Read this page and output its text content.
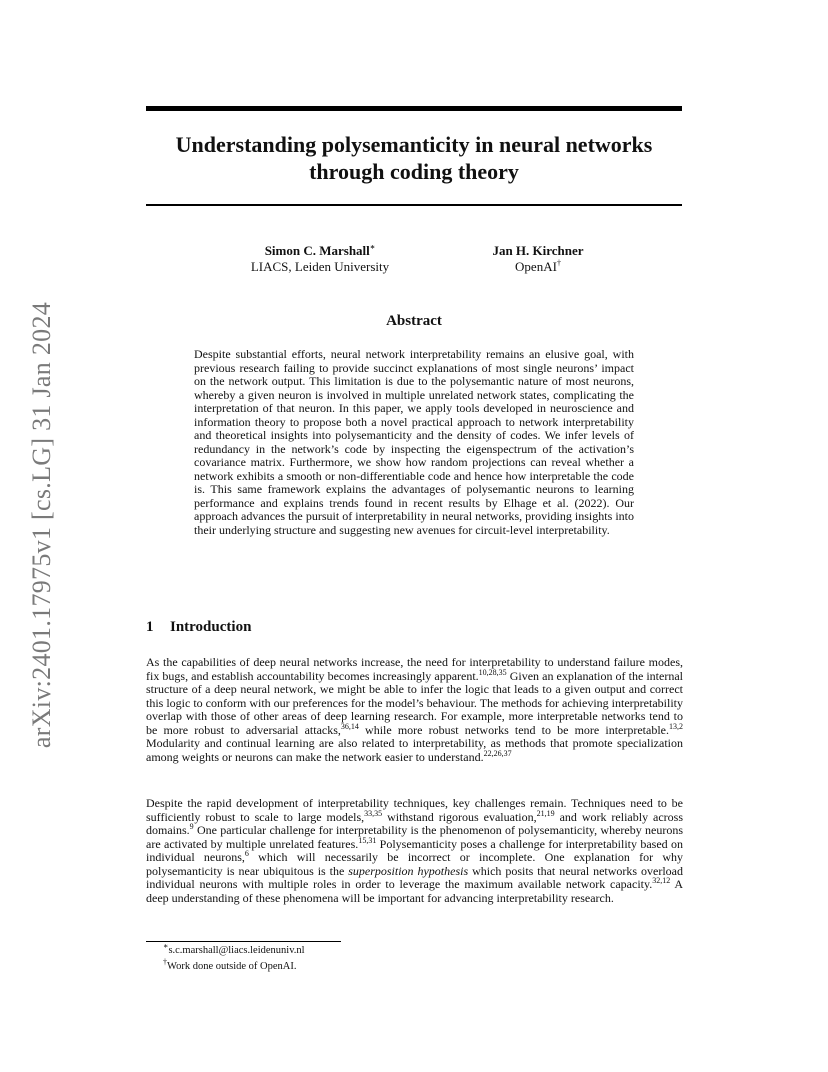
arXiv:2401.17975v1 [cs.LG] 31 Jan 2024
Understanding polysemanticity in neural networks
through coding theory
Simon C. Marshall∗
LIACS, Leiden University
Jan H. Kirchner
OpenAI†
Abstract
Despite substantial efforts, neural network interpretability remains an elusive goal, with previous research failing to provide succinct explanations of most single neurons’ impact on the network output. This limitation is due to the polysemantic nature of most neurons, whereby a given neuron is involved in multiple unrelated network states, complicating the interpretation of that neuron. In this paper, we apply tools developed in neuroscience and information theory to propose both a novel practical approach to network interpretability and theoretical insights into polysemanticity and the density of codes. We infer levels of redundancy in the network’s code by inspecting the eigenspectrum of the activation’s covariance matrix. Furthermore, we show how random projections can reveal whether a network exhibits a smooth or non-differentiable code and hence how interpretable the code is. This same framework explains the advantages of polysemantic neurons to learning performance and explains trends found in recent results by Elhage et al. (2022). Our approach advances the pursuit of interpretability in neural networks, providing insights into their underlying structure and suggesting new avenues for circuit-level interpretability.
1 Introduction
As the capabilities of deep neural networks increase, the need for interpretability to understand failure modes, fix bugs, and establish accountability becomes increasingly apparent.$^{10,28,35}$ Given an explanation of the internal structure of a deep neural network, we might be able to infer the logic that leads to a given output and correct this logic to conform with our preferences for the model’s behaviour. The methods for achieving interpretability overlap with those of other areas of deep learning research. For example, more interpretable networks tend to be more robust to adversarial attacks,$^{36,14}$ while more robust networks tend to be more interpretable.$^{13,2}$ Modularity and continual learning are also related to interpretability, as methods that promote specialization among weights or neurons can make the network easier to understand.$^{22,26,37}$
Despite the rapid development of interpretability techniques, key challenges remain. Techniques need to be sufficiently robust to scale to large models,$^{33,35}$ withstand rigorous evaluation,$^{21,19}$ and work reliably across domains.$^9$ One particular challenge for interpretability is the phenomenon of polysemanticity, whereby neurons are activated by multiple unrelated features.$^{15,31}$ Polysemanticity poses a challenge for interpretability based on individual neurons,$^6$ which will necessarily be incorrect or incomplete. One explanation for why polysemanticity is near ubiquitous is the superposition hypothesis which posits that neural networks overload individual neurons with multiple roles in order to leverage the maximum available network capacity.$^{32,12}$ A deep understanding of these phenomena will be important for advancing interpretability research.
∗s.c.marshall@liacs.leidenuniv.nl
†Work done outside of OpenAI.
